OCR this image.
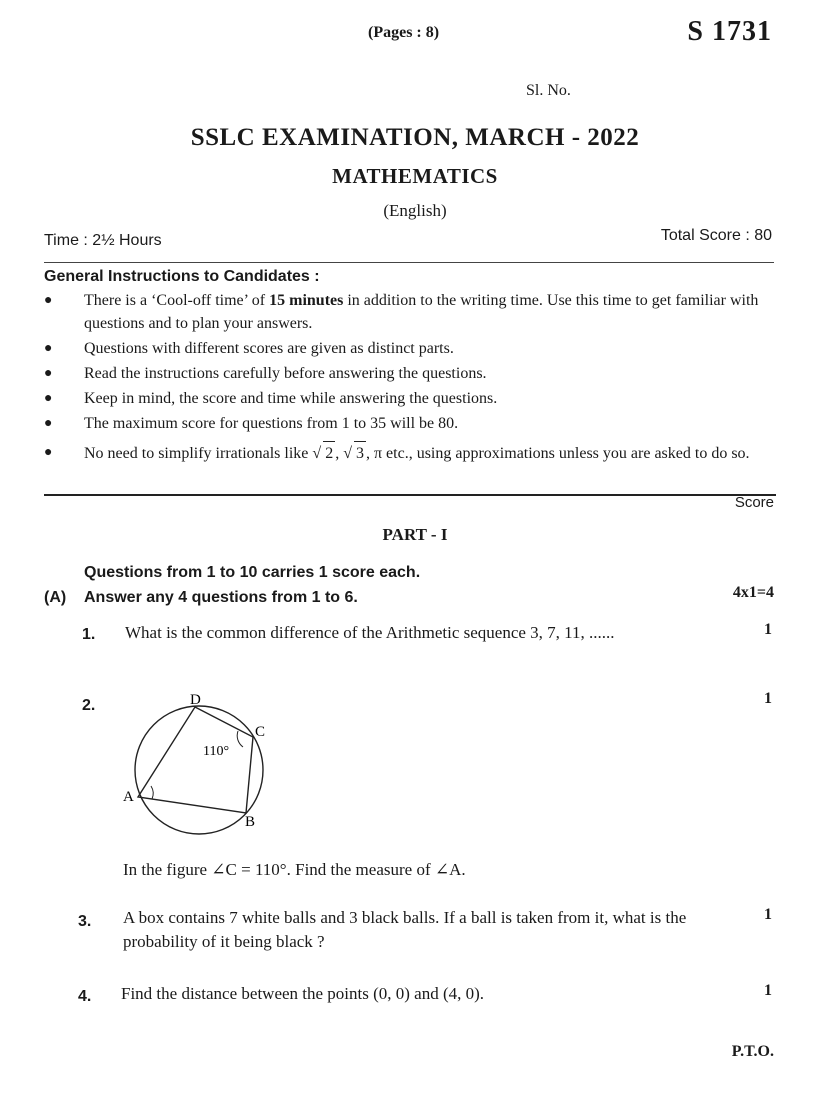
(Pages : 8)	S 1731
Sl. No.
SSLC EXAMINATION, MARCH - 2022
MATHEMATICS
(English)
Time : 2½ Hours	Total Score : 80
General Instructions to Candidates :
● There is a ‘Cool-off time’ of 15 minutes in addition to the writing time. Use this time to get familiar with questions and to plan your answers.
● Questions with different scores are given as distinct parts.
● Read the instructions carefully before answering the questions.
● Keep in mind, the score and time while answering the questions.
● The maximum score for questions from 1 to 35 will be 80.
● No need to simplify irrationals like √ 2 , √ 3 , π etc., using approximations unless you are asked to do so.
Score
PART - I
Questions from 1 to 10 carries 1 score each.
(A) Answer any 4 questions from 1 to 6.	4x1=4
1. What is the common difference of the Arithmetic sequence 3, 7, 11, ......	1
2.	1
D
C
A
B
110°
In the figure ∠C = 110°. Find the measure of ∠A.
3. A box contains 7 white balls and 3 black balls. If a ball is taken from it, what is the probability of it being black ?
1
4. Find the distance between the points (0, 0) and (4, 0).	1
P.T.O.
